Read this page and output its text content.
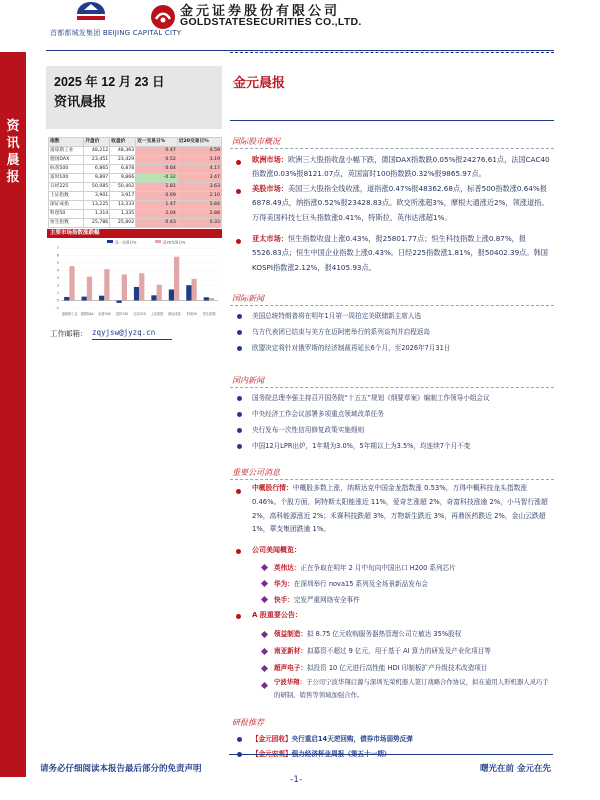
首都都城发集团 BEIJING CAPITAL CITY
金元证券股份有限公司
GOLDSTATESECURITIES CO.,LTD.
资讯晨报
2025 年 12 月 23 日
资讯晨报
金元晨报
指数	开盘价	收盘价	近一交易日%	近20交易日%
道琼斯工业	48,212	48,363	0.47	4.59
德国DAX	23,451	23,429	0.52	3.19
标普500	6,865	6,878	0.64	4.17
富时100	9,897	9,866	-0.32	3.47
日经225	50,085	50,402	1.81	3.63
上证指数	3,901	3,917	0.69	2.10
深证成指	13,225	13,333	1.47	5.84
科创50	1,314	1,335	2.04	2.88
恒生指数	25,786	25,802	0.43	0.33
主要市场指数涨跌幅
近一交易日%	近20交易日%
-1
0
1
2
3
4
5
6
7
道琼斯工业 德国DAX 标普500 富时100 日经225 上证指数 深证成指 科创50 恒生指数
工作邮箱： zqyjsw@jyzq.cn
国际股市概况
欧洲市场：欧洲三大股指收盘小幅下跌，德国DAX指数跌0.05%报24276.61点，法国CAC40指数涨0.03%报8121.07点，英国富时100指数跌0.32%报9865.97点。
美股市场：美国三大股指全线收涨，道指涨0.47%报48362.68点，标普500指数涨0.64%报6878.49点，纳指涨0.52%报23428.83点。欧交所涨超3%，摩根大通涨近2%，领涨道指。万得美国科技七巨头指数涨0.41%，特斯拉、英伟达涨超1%。
亚太市场：恒生指数收盘上涨0.43%，报25801.77点；恒生科技指数上涨0.87%，报5526.83点；恒生中国企业指数上涨0.43%。日经225指数涨1.81%，报50402.39点。韩国KOSPI指数涨2.12%，报4105.93点。
国际新闻
美国总统特朗普将在明年1月第一周拍定美联储新主席人选
乌方代表团已结束与美方在迈阿密举行的系列谈判并启程返岛
欧盟决定将针对俄罗斯的经济制裁再延长6个月，至2026年7月31日
国内新闻
国务院总理李强主持召开国务院“十五五”规划《纲要草案》编制工作领导小组会议
中央经济工作会议部署多项重点领域改革任务
央行发布一次性信用修复政策实施细则
中国12月LPR出炉，1年期为3.0%，5年期以上为3.5%，均连续7个月不变
重要公司消息
中概股行情：中概股多数上涨，纳斯达克中国金龙指数涨 0.53%，万得中概科技龙头指数涨 0.46%。个股方面，阿特斯太阳能涨近 11%，爱奇艺涨超 2%，奇富科技涨逾 2%，小马智行涨超 2%，高科能源涨近 2%；禾赛科技跌超 3%，万物新生跌近 3%，再鼎医药跌近 2%，金山云跌超 1%，華支集团跌逾 1%。
公司美闻概览：
英伟达：正在争取在明年 2 月中旬向中国出口 H200 系列芯片
华为：在深圳举行 nova15 系列及全场景新品发布会
快手：完发严重网络安全事件
A 股重要公告：
领益制造：拟 8.75 亿元收购服务器热管理公司立敏达 35%股权
南亚新材：拟募资不超过 9 亿元，用于基于 AI 算力的研发及产业化项目等
超声电子：拟投资 10 亿元进行高性能 HDI 印制板扩产升级技术改造项目
宁波华翔：子公司宁波华翔启源与深圳光荣机器人签订战略合作协议，拟在通用人形机器人灵巧手的研制、销售等领域加强合作。
研报推荐
【金元固收】央行重启14天逆回购，债券市场弱势反弹
【金元宏观】强力经济杯业周报（第五十一期）
请务必仔细阅读本报告最后部分的免责声明
-1-
曙光在前 金元在先
